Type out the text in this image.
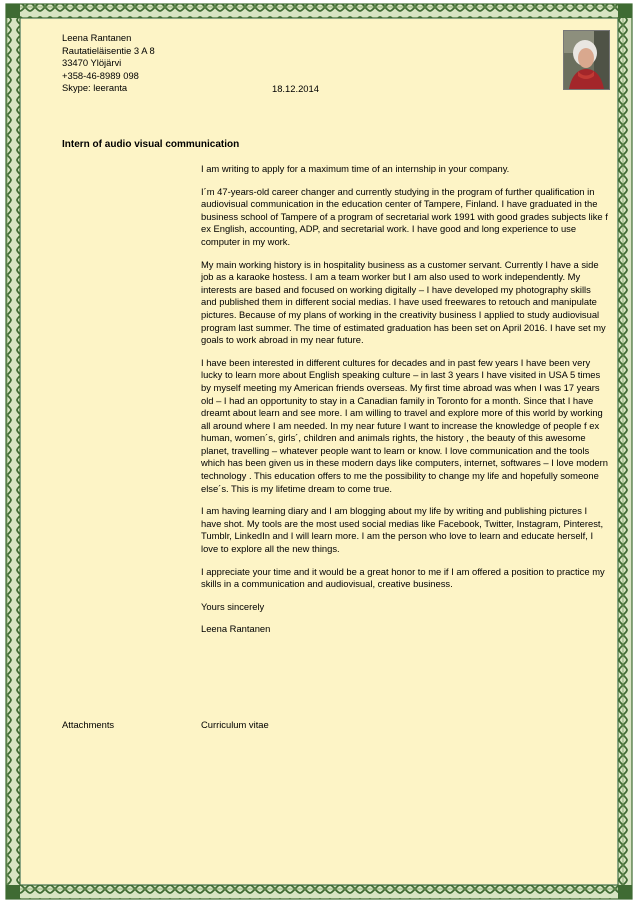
Leena Rantanen
Rautatieläisentie 3 A 8
33470 Ylöjärvi
+358-46-8989 098
Skype: leeranta	18.12.2014
Intern of audio visual communication

I am writing to apply for a maximum time of an internship in your company.

I´m 47-years-old career changer and currently studying in the program of further qualification in audiovisual communication in the education center of Tampere, Finland. I have graduated in the business school of Tampere of a program of secretarial work 1991 with good grades subjects like f ex English, accounting, ADP, and secretarial work. I have good and long experience to use computer in my work.

My main working history is in hospitality business as a customer servant. Currently I have a side job as a karaoke hostess. I am a team worker but I am also used to work independently. My interests are based and focused on working digitally – I have developed my photography skills and published them in different social medias. I have used freewares to retouch and manipulate pictures. Because of my plans of working in the creativity business I applied to study audiovisual program last summer. The time of estimated graduation has been set on April 2016. I have set my goals to work abroad in my near future.

I have been interested in different cultures for decades and in past few years I have been very lucky to learn more about English speaking culture – in last 3 years I have visited in USA 5 times by myself meeting my American friends overseas. My first time abroad was when I was 17 years old – I had an opportunity to stay in a Canadian family in Toronto for a month. Since that I have dreamt about learn and see more. I am willing to travel and explore more of this world by working all around where I am needed. In my near future I want to increase the knowledge of people f ex human, women´s, girls´, children and animals rights, the history , the beauty of this awesome planet, travelling – whatever people want to learn or know. I love communication and the tools which has been given us in these modern days like computers, internet, softwares – I love modern technology . This education offers to me the possibility to change my life and hopefully someone else´s. This is my lifetime dream to come true.

I am having learning diary and I am blogging about my life by writing and publishing pictures I have shot. My tools are the most used social medias like Facebook, Twitter, Instagram, Pinterest, Tumblr, LinkedIn and I will learn more. I am the person who love to learn and educate herself, I love to explore all the new things.

I appreciate your time and it would be a great honor to me if I am offered a position to practice my skills in a communication and audiovisual, creative business.

Yours sincerely

Leena Rantanen

Attachments	Curriculum vitae
